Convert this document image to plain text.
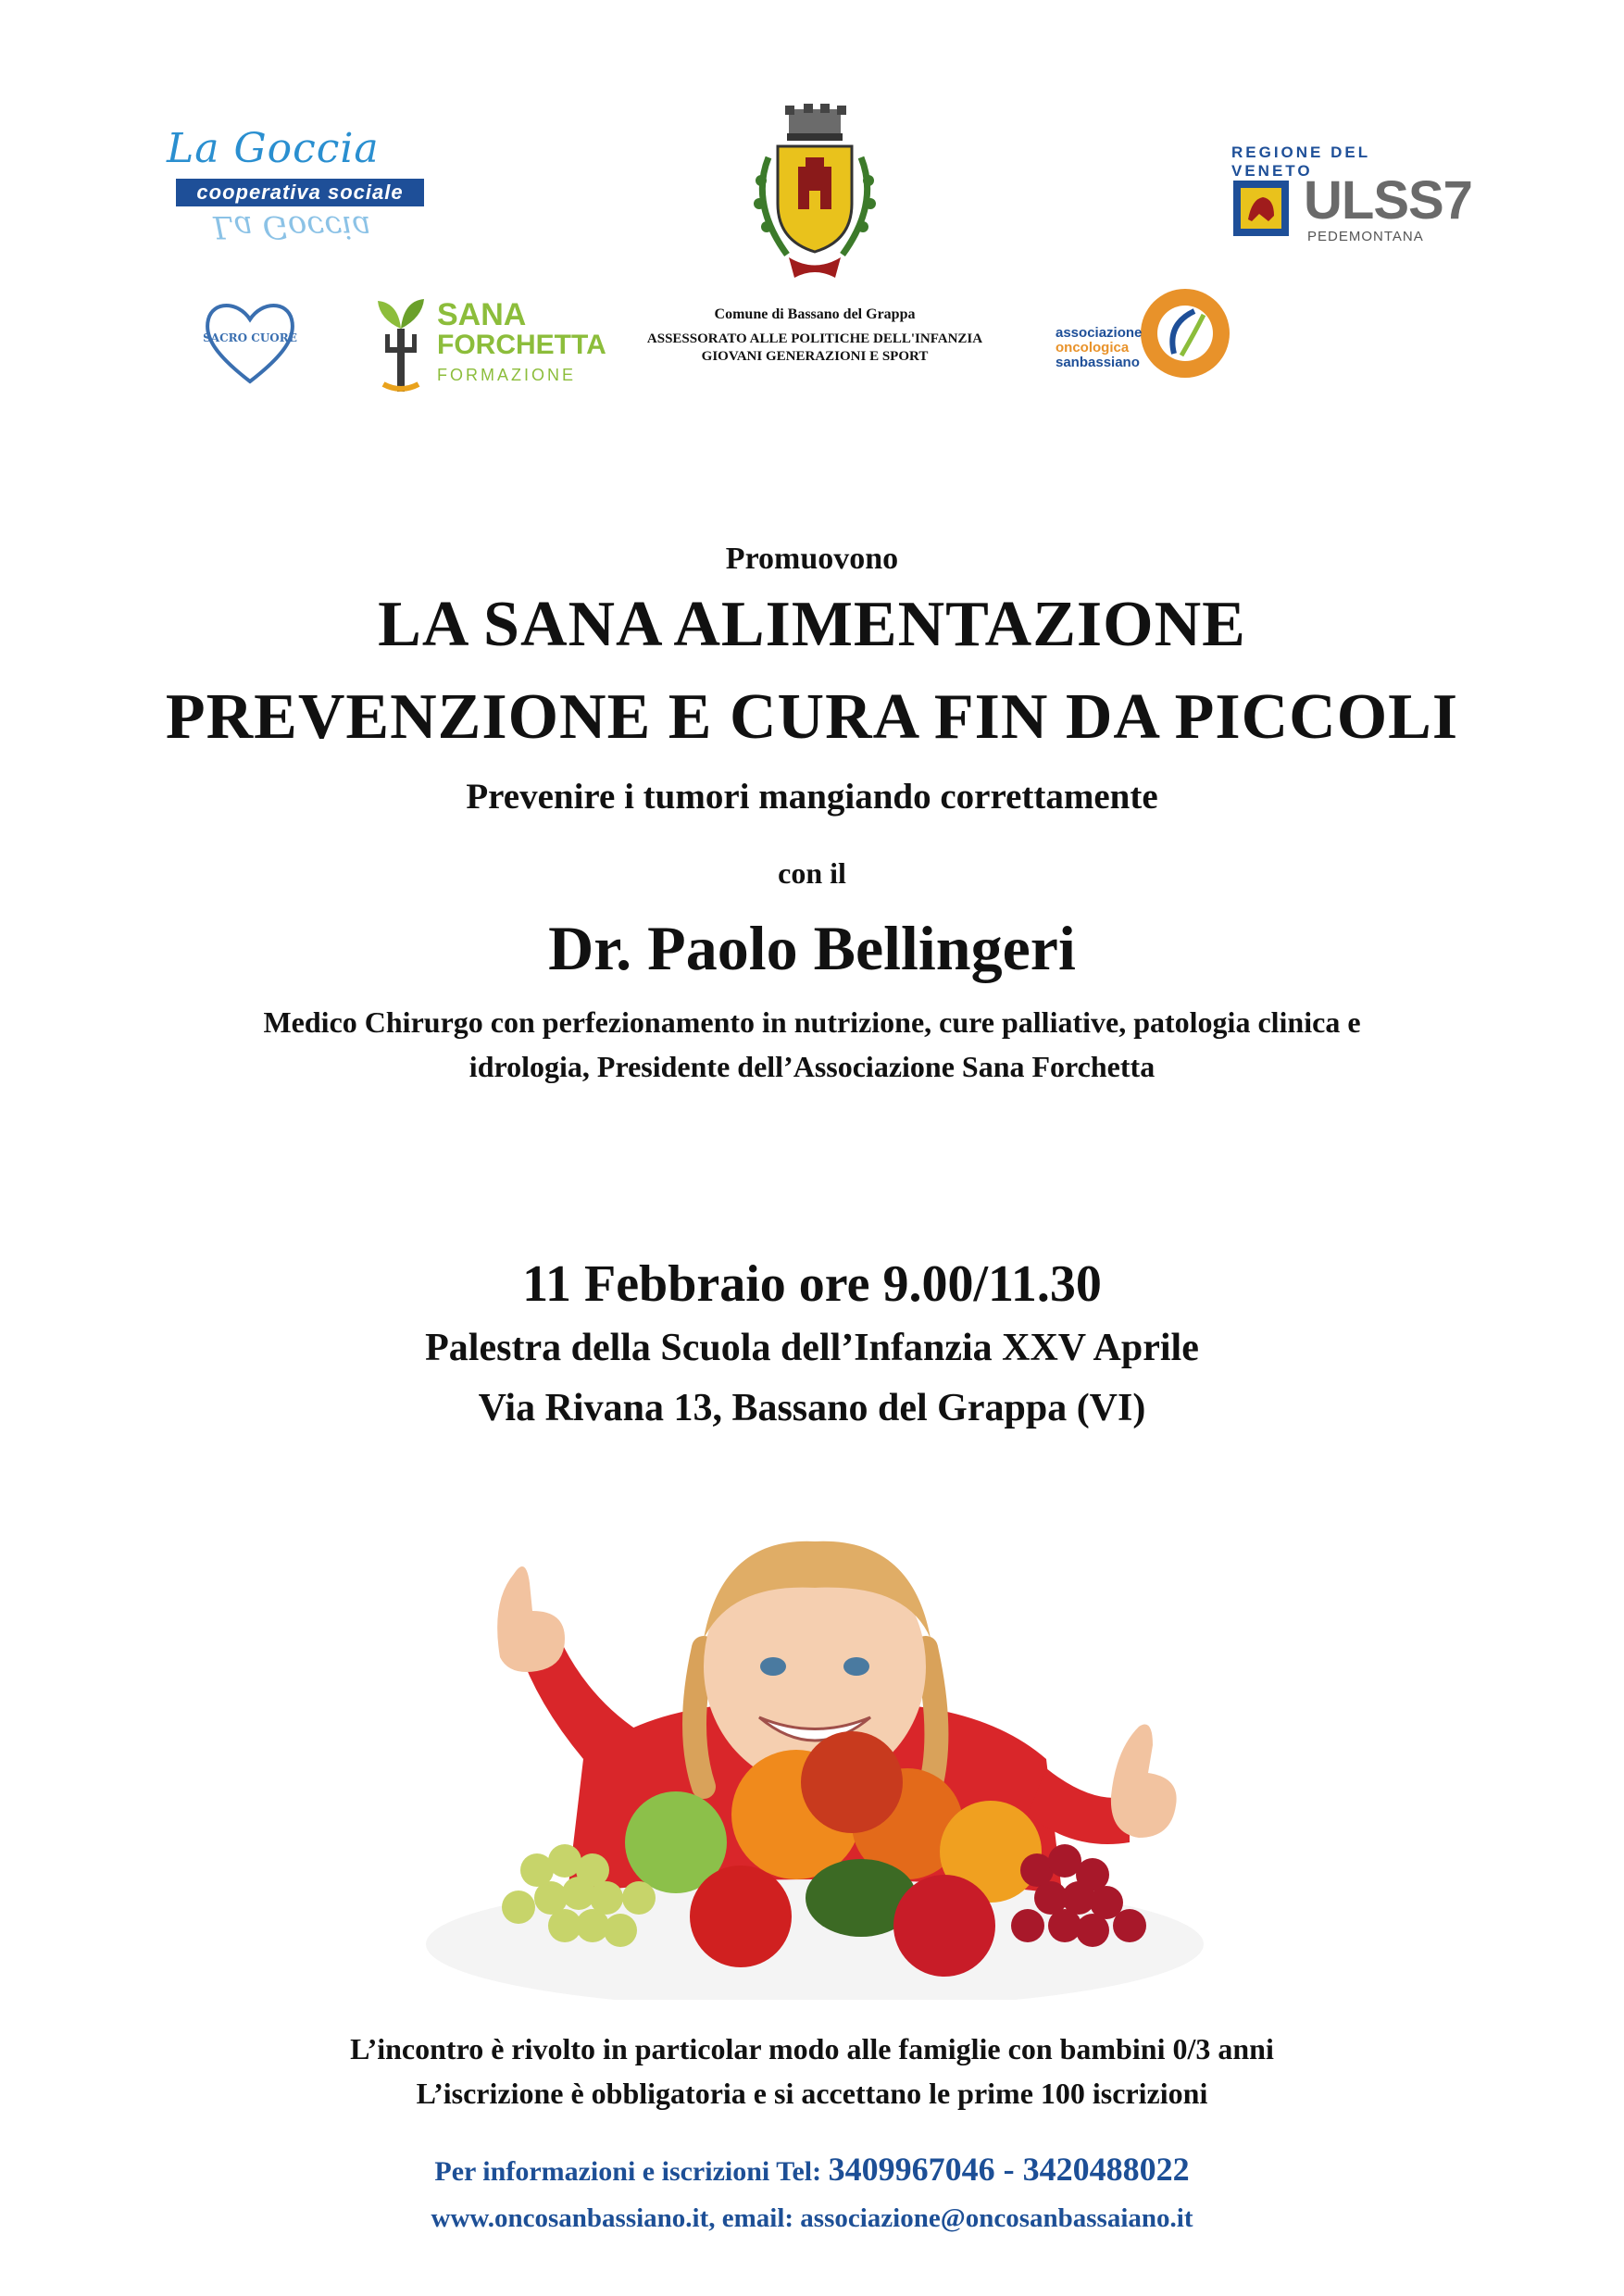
La Goccia
cooperativa sociale
La Goccia
Comune di Bassano del Grappa
ASSESSORATO ALLE POLITICHE DELL'INFANZIA
GIOVANI GENERAZIONI E SPORT
REGIONE DEL VENETO
ULSS7
PEDEMONTANA
SACRO CUORE
SANA
FORCHETTA
FORMAZIONE
associazione
oncologica
sanbassiano
Promuovono
LA SANA ALIMENTAZIONE
PREVENZIONE E CURA FIN DA PICCOLI
Prevenire i tumori mangiando correttamente
con il
Dr. Paolo Bellingeri
Medico Chirurgo con perfezionamento in nutrizione, cure palliative, patologia clinica e
idrologia, Presidente dell’Associazione Sana Forchetta
11 Febbraio ore 9.00/11.30
Palestra della Scuola dell’Infanzia XXV Aprile
Via Rivana 13, Bassano del Grappa (VI)
L’incontro è rivolto in particolar modo alle famiglie con bambini 0/3 anni
L’iscrizione è obbligatoria e si accettano le prime 100 iscrizioni
Per informazioni e iscrizioni Tel: 3409967046 - 3420488022
www.oncosanbassiano.it, email: associazione@oncosanbassaiano.it
